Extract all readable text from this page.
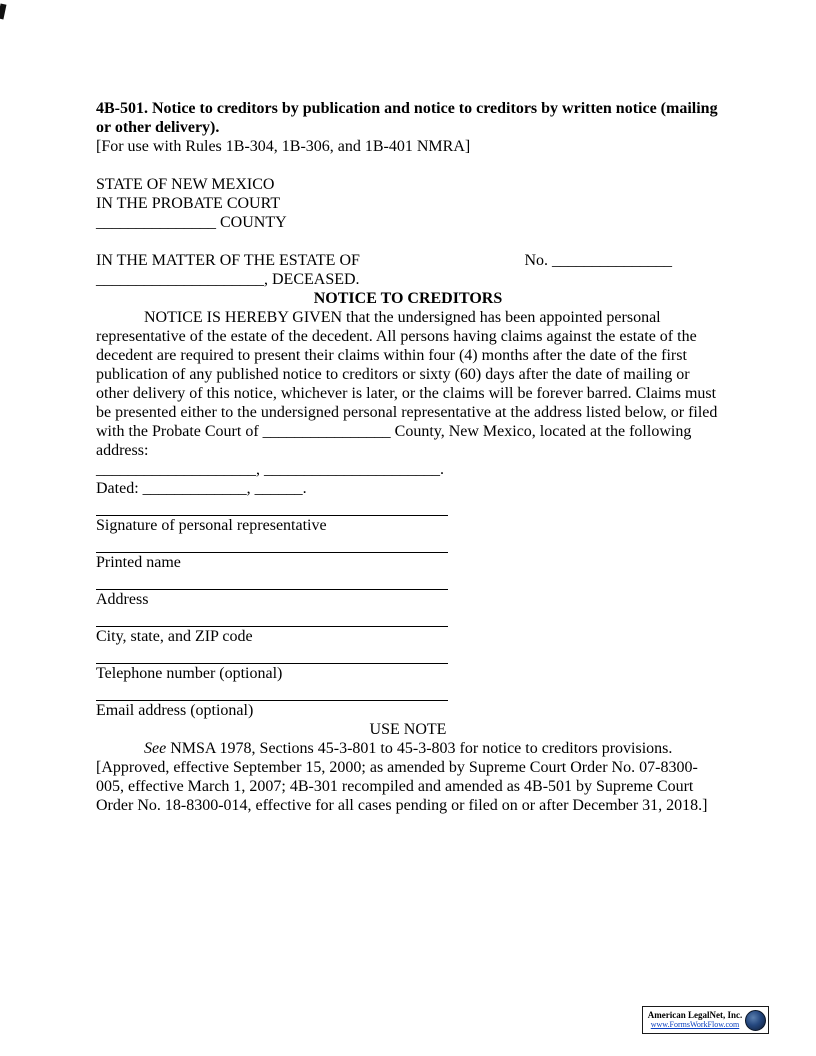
4B-501. Notice to creditors by publication and notice to creditors by written notice (mailing or other delivery).

[For use with Rules 1B-304, 1B-306, and 1B-401 NMRA]

STATE OF NEW MEXICO

IN THE PROBATE COURT

_______________ COUNTY

IN THE MATTER OF THE ESTATE OF	No. _______________

_____________________, DECEASED.

NOTICE TO CREDITORS

NOTICE IS HEREBY GIVEN that the undersigned has been appointed personal representative of the estate of the decedent. All persons having claims against the estate of the decedent are required to present their claims within four (4) months after the date of the first publication of any published notice to creditors or sixty (60) days after the date of mailing or other delivery of this notice, whichever is later, or the claims will be forever barred. Claims must be presented either to the undersigned personal representative at the address listed below, or filed with the Probate Court of ________________ County, New Mexico, located at the following address:

____________________, ______________________.

Dated: _____________, ______.

Signature of personal representative

Printed name

Address

City, state, and ZIP code

Telephone number (optional)

Email address (optional)

USE NOTE

See NMSA 1978, Sections 45-3-801 to 45-3-803 for notice to creditors provisions.

[Approved, effective September 15, 2000; as amended by Supreme Court Order No. 07-8300-005, effective March 1, 2007; 4B-301 recompiled and amended as 4B-501 by Supreme Court Order No. 18-8300-014, effective for all cases pending or filed on or after December 31, 2018.]

American LegalNet, Inc.
www.FormsWorkFlow.com
